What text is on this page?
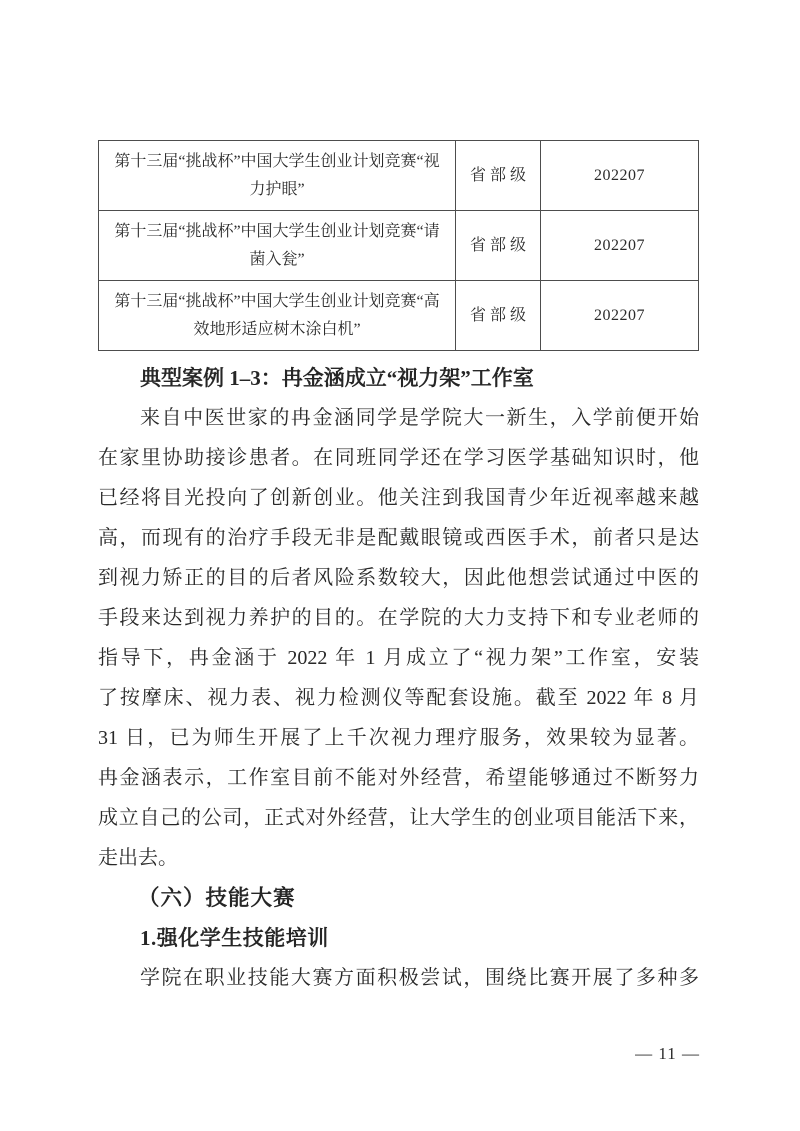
第十三届“挑战杯”中国大学生创业计划竞赛“视力护眼”	省部级	202207
第十三届“挑战杯”中国大学生创业计划竞赛“请菌入瓮”	省部级	202207
第十三届“挑战杯”中国大学生创业计划竞赛“高效地形适应树木涂白机”	省部级	202207
典型案例 1–3：冉金涵成立“视力架”工作室
来自中医世家的冉金涵同学是学院大一新生，入学前便开始
在家里协助接诊患者。在同班同学还在学习医学基础知识时，他
已经将目光投向了创新创业。他关注到我国青少年近视率越来越
高，而现有的治疗手段无非是配戴眼镜或西医手术，前者只是达
到视力矫正的目的后者风险系数较大，因此他想尝试通过中医的
手段来达到视力养护的目的。在学院的大力支持下和专业老师的
指导下，冉金涵于 2022 年 1 月成立了“视力架”工作室，安装
了按摩床、视力表、视力检测仪等配套设施。截至 2022 年 8 月
31 日，已为师生开展了上千次视力理疗服务，效果较为显著。
冉金涵表示，工作室目前不能对外经营，希望能够通过不断努力
成立自己的公司，正式对外经营，让大学生的创业项目能活下来，
走出去。
（六）技能大赛
1.强化学生技能培训
学院在职业技能大赛方面积极尝试，围绕比赛开展了多种多
— 11 —
